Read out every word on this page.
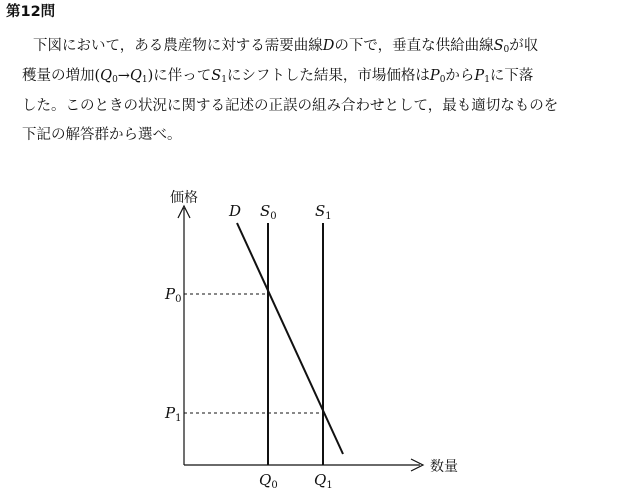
第12問
下図において，ある農産物に対する需要曲線Dの下で，垂直な供給曲線$S_0$が収
穫量の増加$(Q_0\to Q_1)$に伴って$S_1$にシフトした結果，市場価格は$P_0$から$P_1$に下落
した。このときの状況に関する記述の正誤の組み合わせとして，最も適切なものを
下記の解答群から選べ。
価格
数量
D $S_0$	$S_1$
$P_0$
$P_1$
$Q_0$ $Q_1$
